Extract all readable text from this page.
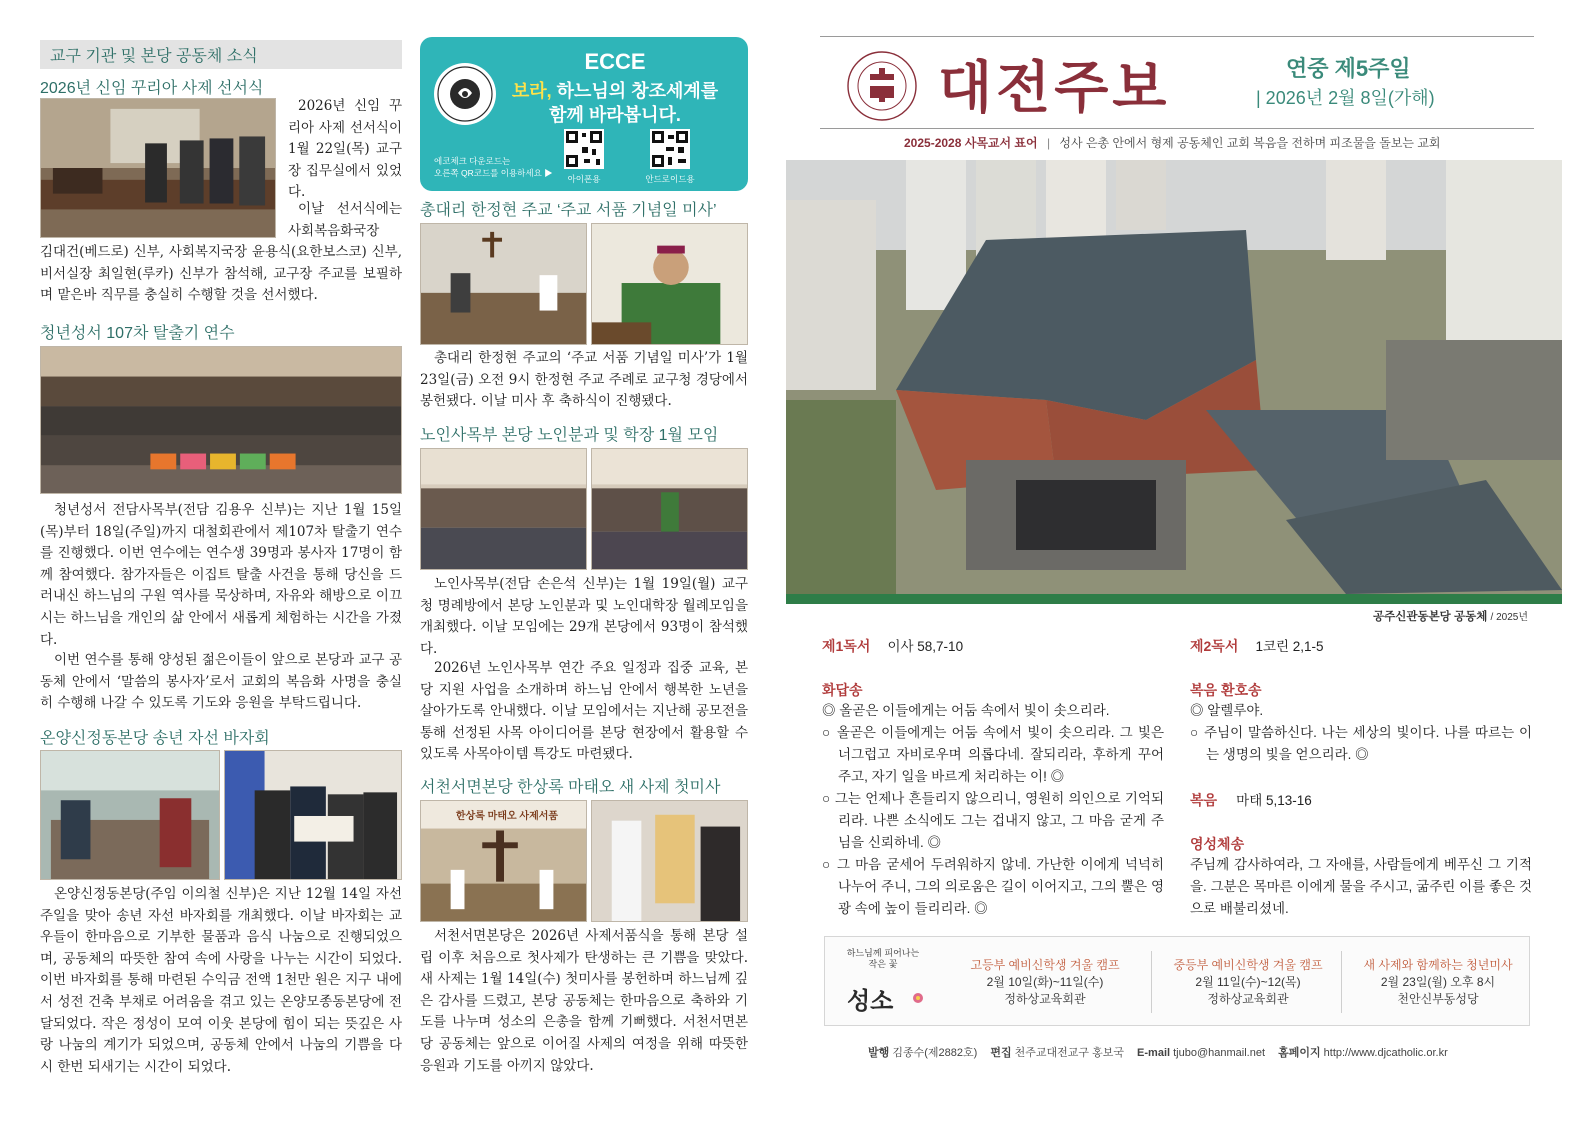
교구 기관 및 본당 공동체 소식
2026년 신임 꾸리아 사제 선서식
2026년 신임 꾸리아 사제 선서식이 1월 22일(목) 교구장 집무실에서 있었다.
이날 선서식에는 사회복음화국장
김대건(베드로) 신부, 사회복지국장 윤용식(요한보스코) 신부, 비서실장 최일현(루카) 신부가 참석해, 교구장 주교를 보필하며 맡은바 직무를 충실히 수행할 것을 선서했다.
청년성서 107차 탈출기 연수
청년성서 전담사목부(전담 김용우 신부)는 지난 1월 15일(목)부터 18일(주일)까지 대철회관에서 제107차 탈출기 연수를 진행했다. 이번 연수에는 연수생 39명과 봉사자 17명이 함께 참여했다. 참가자들은 이집트 탈출 사건을 통해 당신을 드러내신 하느님의 구원 역사를 묵상하며, 자유와 해방으로 이끄시는 하느님을 개인의 삶 안에서 새롭게 체험하는 시간을 가졌다.
이번 연수를 통해 양성된 젊은이들이 앞으로 본당과 교구 공동체 안에서 ‘말씀의 봉사자’로서 교회의 복음화 사명을 충실히 수행해 나갈 수 있도록 기도와 응원을 부탁드립니다.
온양신정동본당 송년 자선 바자회
온양신정동본당(주임 이의철 신부)은 지난 12월 14일 자선 주일을 맞아 송년 자선 바자회를 개최했다. 이날 바자회는 교우들이 한마음으로 기부한 물품과 음식 나눔으로 진행되었으며, 공동체의 따뜻한 참여 속에 사랑을 나누는 시간이 되었다. 이번 바자회를 통해 마련된 수익금 전액 1천만 원은 지구 내에서 성전 건축 부채로 어려움을 겪고 있는 온양모종동본당에 전달되었다. 작은 정성이 모여 이웃 본당에 힘이 되는 뜻깊은 사랑 나눔의 계기가 되었으며, 공동체 안에서 나눔의 기쁨을 다시 한번 되새기는 시간이 되었다.
ECCE
보라, 하느님의 창조세계를
함께 바라봅니다.
에코체크 다운로드는
오른쪽 QR코드를 이용하세요 ▶
아이폰용	안드로이드용
총대리 한정현 주교 ‘주교 서품 기념일 미사’
총대리 한정현 주교의 ‘주교 서품 기념일 미사’가 1월 23일(금) 오전 9시 한정현 주교 주례로 교구청 경당에서 봉헌됐다. 이날 미사 후 축하식이 진행됐다.
노인사목부 본당 노인분과 및 학장 1월 모임
노인사목부(전담 손은석 신부)는 1월 19일(월) 교구청 명례방에서 본당 노인분과 및 노인대학장 월례모임을 개최했다. 이날 모임에는 29개 본당에서 93명이 참석했다.
2026년 노인사목부 연간 주요 일정과 집중 교육, 본당 지원 사업을 소개하며 하느님 안에서 행복한 노년을 살아가도록 안내했다. 이날 모임에서는 지난해 공모전을 통해 선정된 사목 아이디어를 본당 현장에서 활용할 수 있도록 사목아이템 특강도 마련됐다.
서천서면본당 한상록 마태오 새 사제 첫미사
한상록 마태오 사제서품
서천서면본당은 2026년 사제서품식을 통해 본당 설립 이후 처음으로 첫사제가 탄생하는 큰 기쁨을 맞았다. 새 사제는 1월 14일(수) 첫미사를 봉헌하며 하느님께 깊은 감사를 드렸고, 본당 공동체는 한마음으로 축하와 기도를 나누며 성소의 은총을 함께 기뻐했다. 서천서면본당 공동체는 앞으로 이어질 사제의 여정을 위해 따뜻한 응원과 기도를 아끼지 않았다.
대전주보	연중 제5주일
| 2026년 2월 8일(가해)
2025-2028 사목교서 표어 | 성사 은총 안에서 형제 공동체인 교회 복음을 전하며 피조물을 돌보는 교회
공주신관동본당 공동체 / 2025년
제1독서 이사 58,7-10	제2독서 1코린 2,1-5
화답송
◎ 올곧은 이들에게는 어둠 속에서 빛이 솟으리라.
○ 올곧은 이들에게는 어둠 속에서 빛이 솟으리라. 그 빛은 너그럽고 자비로우며 의롭다네. 잘되리라, 후하게 꾸어 주고, 자기 일을 바르게 처리하는 이! ◎
○ 그는 언제나 흔들리지 않으리니, 영원히 의인으로 기억되리라. 나쁜 소식에도 그는 겁내지 않고, 그 마음 굳게 주님을 신뢰하네. ◎
○ 그 마음 굳세어 두려워하지 않네. 가난한 이에게 넉넉히 나누어 주니, 그의 의로움은 길이 이어지고, 그의 뿔은 영광 속에 높이 들리리라. ◎
복음 환호송
◎ 알렐루야.
○ 주님이 말씀하신다. 나는 세상의 빛이다. 나를 따르는 이는 생명의 빛을 얻으리라. ◎
복음 마태 5,13-16
영성체송
주님께 감사하여라, 그 자애를, 사람들에게 베푸신 그 기적을. 그분은 목마른 이에게 물을 주시고, 굶주린 이를 좋은 것으로 배불리셨네.
하느님께 피어나는 작은 꽃
성소
고등부 예비신학생 겨울 캠프
2월 10일(화)~11일(수)
정하상교육회관
중등부 예비신학생 겨울 캠프
2월 11일(수)~12(목)
정하상교육회관
새 사제와 함께하는 청년미사
2월 23일(월) 오후 8시
천안신부동성당
발행 김종수(제2882호) 편집 천주교대전교구 홍보국 E-mail tjubo@hanmail.net 홈페이지 http://www.djcatholic.or.kr
